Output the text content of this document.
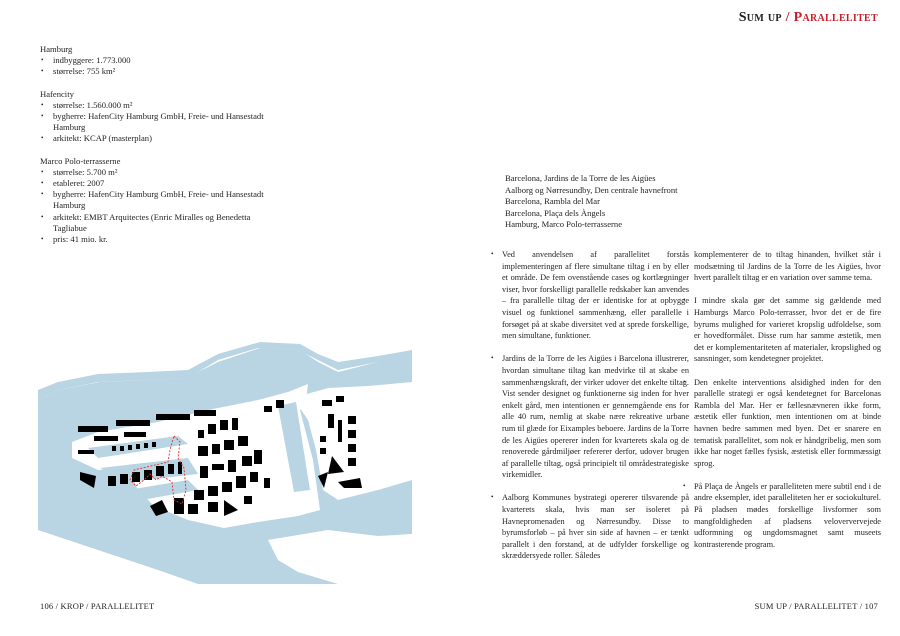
Sum up / Parallelitet

Hamburg

• indbyggere: 1.773.000
• størrelse: 755 km²

Hafencity

• størrelse: 1.560.000 m²
• bygherre: HafenCity Hamburg GmbH, Freie- und Hansestadt Hamburg
• arkitekt: KCAP (masterplan)

Marco Polo-terrasserne

• størrelse: 5.700 m²
• etableret: 2007
• bygherre: HafenCity Hamburg GmbH, Freie- und Hansestadt Hamburg
• arkitekt: EMBT Arquitectes (Enric Miralles og Benedetta Tagliabue
• pris: 41 mio. kr.
Barcelona, Jardins de la Torre de les Aigües
Aalborg og Nørresundby, Den centrale havnefront
Barcelona, Rambla del Mar
Barcelona, Plaça dels Àngels
Hamburg, Marco Polo-terrasserne

• Ved anvendelsen af parallelitet forstås implementeringen af flere simultane tiltag i en by eller et område. De fem ovenstående cases og kortlægninger viser, hvor forskelligt parallelle redskaber kan anvendes – fra parallelle tiltag der er identiske for at opbygge visuel og funktionel sammenhæng, eller parallelle i forsøget på at skabe diversitet ved at sprede forskellige, men simultane, funktioner.

• Jardins de la Torre de les Aigües i Barcelona illustrerer, hvordan simultane tiltag kan medvirke til at skabe en sammenhængskraft, der virker udover det enkelte tiltag. Vist sender designet og funktionerne sig inden for hver enkelt gård, men intentionen er gennemgående ens for alle 40 rum, nemlig at skabe nære rekreative urbane rum til glæde for Eixamples beboere. Jardins de la Torre de les Aigües opererer inden for kvarterets skala og de renoverede gårdmiljøer refererer derfor, udover brugen af parallelle tiltag, også principielt til områdestrategiske virkemidler.

• Aalborg Kommunes bystrategi opererer tilsvarende på kvarterets skala, hvis man ser isoleret på Havnepromenaden og Nørresundby. Disse to byrumsforløb – på hver sin side af havnen – er tænkt parallelt i den forstand, at de udfylder forskellige og skræddersyede roller. Således

komplementerer de to tiltag hinanden, hvilket står i modsætning til Jardins de la Torre de les Aigües, hvor hvert parallelt tiltag er en variation over samme tema.

• I mindre skala gør det samme sig gældende med Hamburgs Marco Polo-terrasser, hvor det er de fire byrums mulighed for varieret kropslig udfoldelse, som er hovedformålet. Disse rum har samme æstetik, men det er komplementariteten af materialer, kropslighed og sansninger, som kendetegner projektet.

• Den enkelte interventions alsidighed inden for den parallelle strategi er også kendetegnet for Barcelonas Rambla del Mar. Her er fællesnævneren ikke form, æstetik eller funktion, men intentionen om at binde havnen bedre sammen med byen. Det er snarere en tematisk parallelitet, som nok er håndgribelig, men som ikke har noget fælles fysisk, æstetisk eller formmæssigt sprog.

• På Plaça de Àngels er paralleliteten mere subtil end i de andre eksempler, idet paralleliteten her er sociokulturel. På pladsen mødes forskellige livsformer som mangfoldigheden af pladsens veloververvejede udformning og ungdomsmagnet samt museets kontrasterende program.

106 / KROP / PARALLELITET	SUM UP / PARALLELITET / 107
